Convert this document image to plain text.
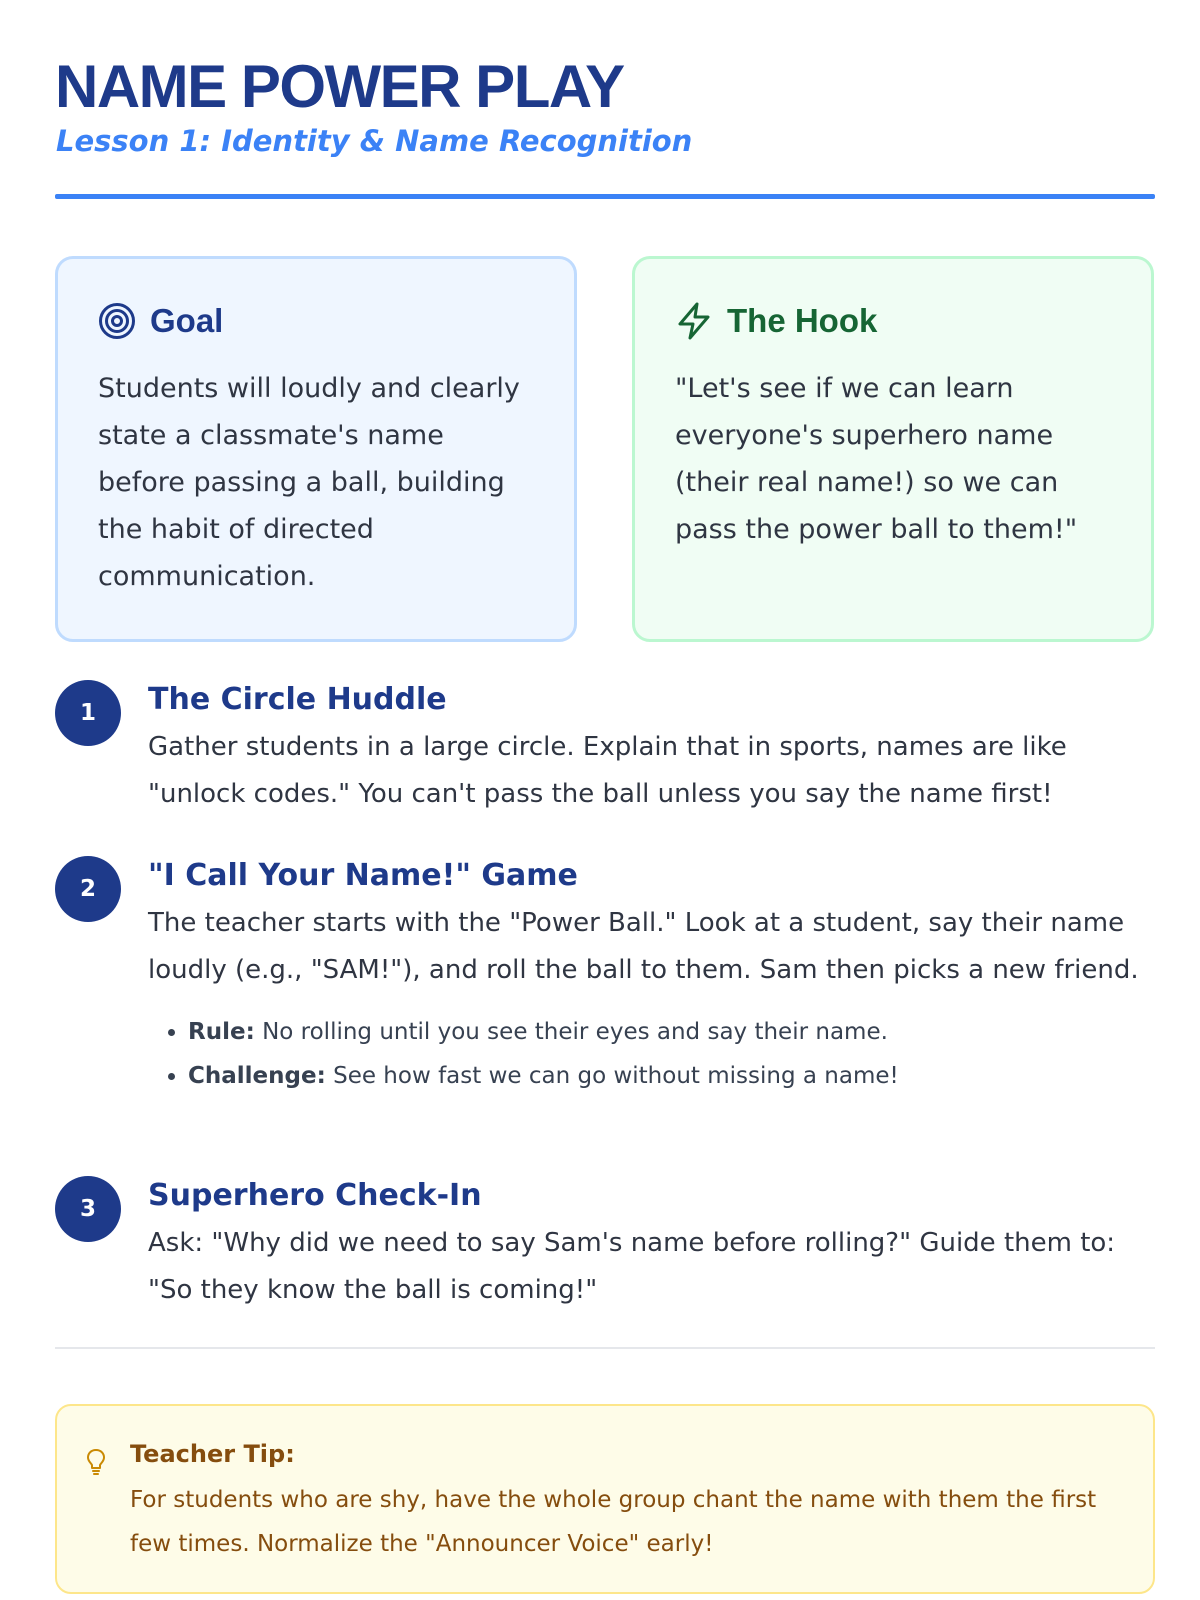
NAME POWER PLAY
Lesson 1: Identity & Name Recognition
Goal
Students will loudly and clearly state a classmate's name before passing a ball, building the habit of directed communication.
The Hook
"Let's see if we can learn everyone's superhero name (their real name!) so we can pass the power ball to them!"
1	The Circle Huddle
Gather students in a large circle. Explain that in sports, names are like "unlock codes." You can't pass the ball unless you say the name first!
2	"I Call Your Name!" Game
The teacher starts with the "Power Ball." Look at a student, say their name loudly (e.g., "SAM!"), and roll the ball to them. Sam then picks a new friend.
• Rule: No rolling until you see their eyes and say their name.
• Challenge: See how fast we can go without missing a name!
3	Superhero Check-In
Ask: "Why did we need to say Sam's name before rolling?" Guide them to: "So they know the ball is coming!"
Teacher Tip:
For students who are shy, have the whole group chant the name with them the first few times. Normalize the "Announcer Voice" early!
